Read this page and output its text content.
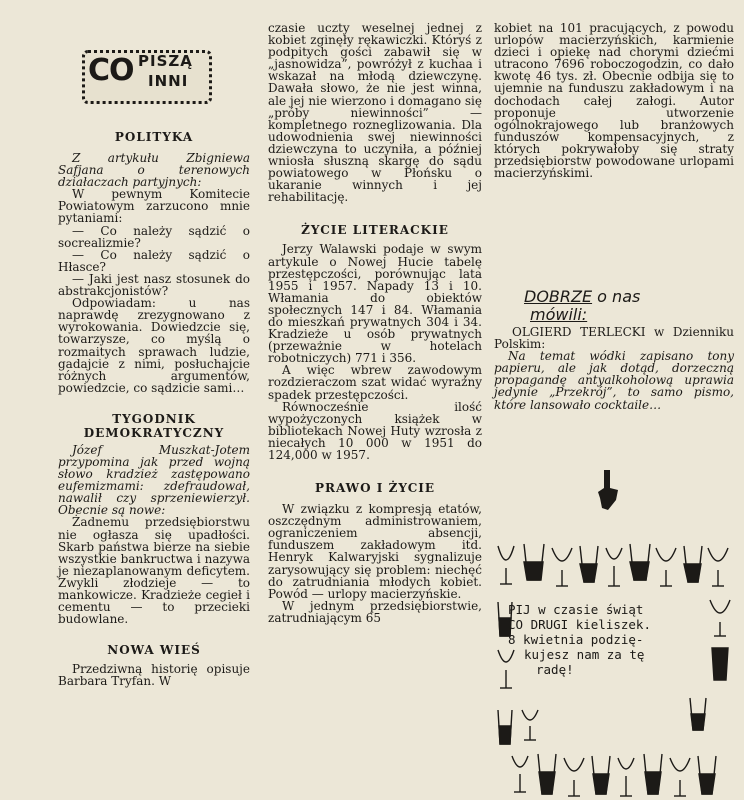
POLITYKA

Z artykułu Zbigniewa Safjana o terenowych działaczach partyjnych:

W pewnym Komitecie Powiatowym zarzucono mnie pytaniami:

— Co należy sądzić o socrealizmie?

— Co należy sądzić o Hłasce?

— Jaki jest nasz stosunek do abstrakcjonistów?

Odpowiadam: u nas naprawdę zrezygnowano z wyrokowania. Dowiedzcie się, towarzysze, co myślą o rozmaitych sprawach ludzie, gadajcie z nimi, posłuchajcie różnych argumentów, powiedzcie, co sądzicie sami…

TYGODNIK DEMOKRATYCZNY

Józef Muszkat-Jotem przypomina jak przed wojną słowo kradzież zastępowano eufemizmami: zdefraudował, nawalił czy sprzeniewierzył. Obecnie są nowe:

Żadnemu przedsiębiorstwu nie ogłasza się upadłości. Skarb państwa bierze na siebie wszystkie bankructwa i nazywa je niezaplanowanym deficytem. Zwykli złodzieje — to mankowicze. Kradzieże cegieł i cementu — to przecieki budowlane.

NOWA WIEŚ

Przedziwną historię opisuje Barbara Tryfan. W

CO PISZĄ
INNI

czasie uczty weselnej jednej z kobiet zginęły rękawiczki. Któryś z podpitych gości zabawił się w „jasnowidza”, powróżył z kuchaa i wskazał na młodą dziewczynę. Dawała słowo, że nie jest winna, ale jej nie wierzono i domagano się „próby niewinności” — kompletnego rozneglizowania. Dla udowodnienia swej niewinności dziewczyna to uczyniła, a później wniosła słuszną skargę do sądu powiatowego w Płońsku o ukaranie winnych i jej rehabilitację.

ŻYCIE LITERACKIE

Jerzy Walawski podaje w swym artykule o Nowej Hucie tabelę przestępczości, porównując lata 1955 i 1957. Napady 13 i 10. Włamania do obiektów społecznych 147 i 84. Włamania do mieszkań prywatnych 304 i 34. Kradzieże u osób prywatnych (przeważnie w hotelach robotniczych) 771 i 356.

A więc wbrew zawodowym rozdzieraczom szat widać wyraźny spadek przestępczości.

Równocześnie ilość wypożyczonych książek w bibliotekach Nowej Huty wzrosła z niecałych 10 000 w 1951 do 124,000 w 1957.

PRAWO I ŻYCIE

W związku z kompresją etatów, oszczędnym administrowaniem, ograniczeniem absencji, funduszem zakładowym itd. Henryk Kalwaryjski sygnalizuje zarysowujący się problem: niechęć do zatrudniania młodych kobiet. Powód — urlopy macierzyńskie.

W jednym przedsiębiorstwie, zatrudniającym 65

kobiet na 101 pracujących, z powodu urlopów macierzyńskich, karmienie dzieci i opiekę nad chorymi dziećmi utracono 7696 roboczogodzin, co dało kwotę 46 tys. zł. Obecnie odbija się to ujemnie na funduszu zakładowym i na dochodach całej załogi. Autor proponuje utworzenie ogólnokrajowego lub branżowych funduszów kompensacyjnych, z których pokrywałoby się straty przedsiębiorstw powodowane urlopami macierzyńskimi.

DOBRZE o nas
mówili:

OLGIERD TERLECKI w Dzienniku Polskim:

Na temat wódki zapisano tony papieru, ale jak dotąd, dorzeczną propagandę antyalkoholową uprawia jedynie „Przekrój”, to samo pismo, które lansowało cocktaile…

PIJ w czasie świąt
CO DRUGI kieliszek.
8 kwietnia podzię-
kujesz nam za tę
radę!
